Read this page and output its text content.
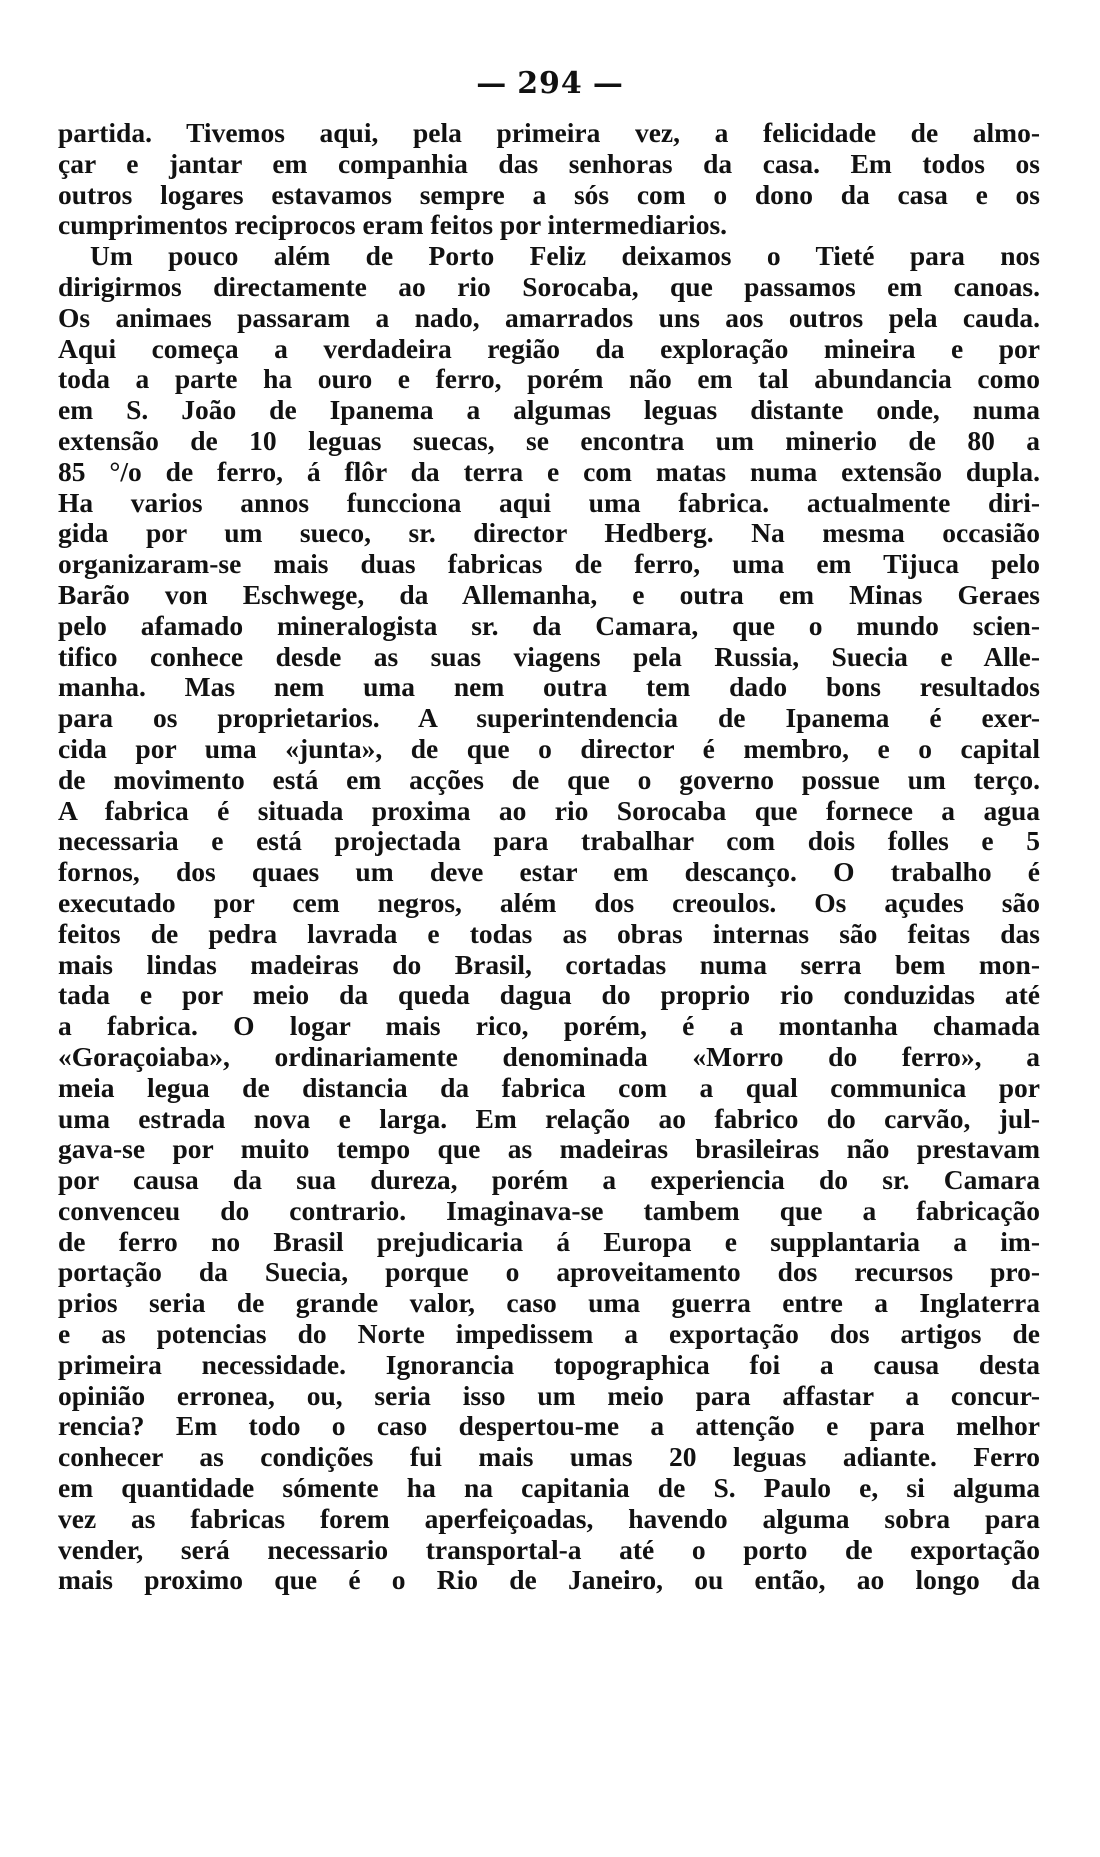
— 294 —
partida. Tivemos aqui, pela primeira vez, a felicidade de almo-
çar e jantar em companhia das senhoras da casa. Em todos os
outros logares estavamos sempre a sós com o dono da casa e os
cumprimentos reciprocos eram feitos por intermediarios.
Um pouco além de Porto Feliz deixamos o Tieté para nos
dirigirmos directamente ao rio Sorocaba, que passamos em canoas.
Os animaes passaram a nado, amarrados uns aos outros pela cauda.
Aqui começa a verdadeira região da exploração mineira e por
toda a parte ha ouro e ferro, porém não em tal abundancia como
em S. João de Ipanema a algumas leguas distante onde, numa
extensão de 10 leguas suecas, se encontra um minerio de 80 a
85 °/o de ferro, á flôr da terra e com matas numa extensão dupla.
Ha varios annos funcciona aqui uma fabrica. actualmente diri-
gida por um sueco, sr. director Hedberg. Na mesma occasião
organizaram-se mais duas fabricas de ferro, uma em Tijuca pelo
Barão von Eschwege, da Allemanha, e outra em Minas Geraes
pelo afamado mineralogista sr. da Camara, que o mundo scien-
tifico conhece desde as suas viagens pela Russia, Suecia e Alle-
manha. Mas nem uma nem outra tem dado bons resultados
para os proprietarios. A superintendencia de Ipanema é exer-
cida por uma «junta», de que o director é membro, e o capital
de movimento está em acções de que o governo possue um terço.
A fabrica é situada proxima ao rio Sorocaba que fornece a agua
necessaria e está projectada para trabalhar com dois folles e 5
fornos, dos quaes um deve estar em descanço. O trabalho é
executado por cem negros, além dos creoulos. Os açudes são
feitos de pedra lavrada e todas as obras internas são feitas das
mais lindas madeiras do Brasil, cortadas numa serra bem mon-
tada e por meio da queda dagua do proprio rio conduzidas até
a fabrica. O logar mais rico, porém, é a montanha chamada
«Goraçoiaba», ordinariamente denominada «Morro do ferro», a
meia legua de distancia da fabrica com a qual communica por
uma estrada nova e larga. Em relação ao fabrico do carvão, jul-
gava-se por muito tempo que as madeiras brasileiras não prestavam
por causa da sua dureza, porém a experiencia do sr. Camara
convenceu do contrario. Imaginava-se tambem que a fabricação
de ferro no Brasil prejudicaria á Europa e supplantaria a im-
portação da Suecia, porque o aproveitamento dos recursos pro-
prios seria de grande valor, caso uma guerra entre a Inglaterra
e as potencias do Norte impedissem a exportação dos artigos de
primeira necessidade. Ignorancia topographica foi a causa desta
opinião erronea, ou, seria isso um meio para affastar a concur-
rencia? Em todo o caso despertou-me a attenção e para melhor
conhecer as condições fui mais umas 20 leguas adiante. Ferro
em quantidade sómente ha na capitania de S. Paulo e, si alguma
vez as fabricas forem aperfeiçoadas, havendo alguma sobra para
vender, será necessario transportal-a até o porto de exportação
mais proximo que é o Rio de Janeiro, ou então, ao longo da
